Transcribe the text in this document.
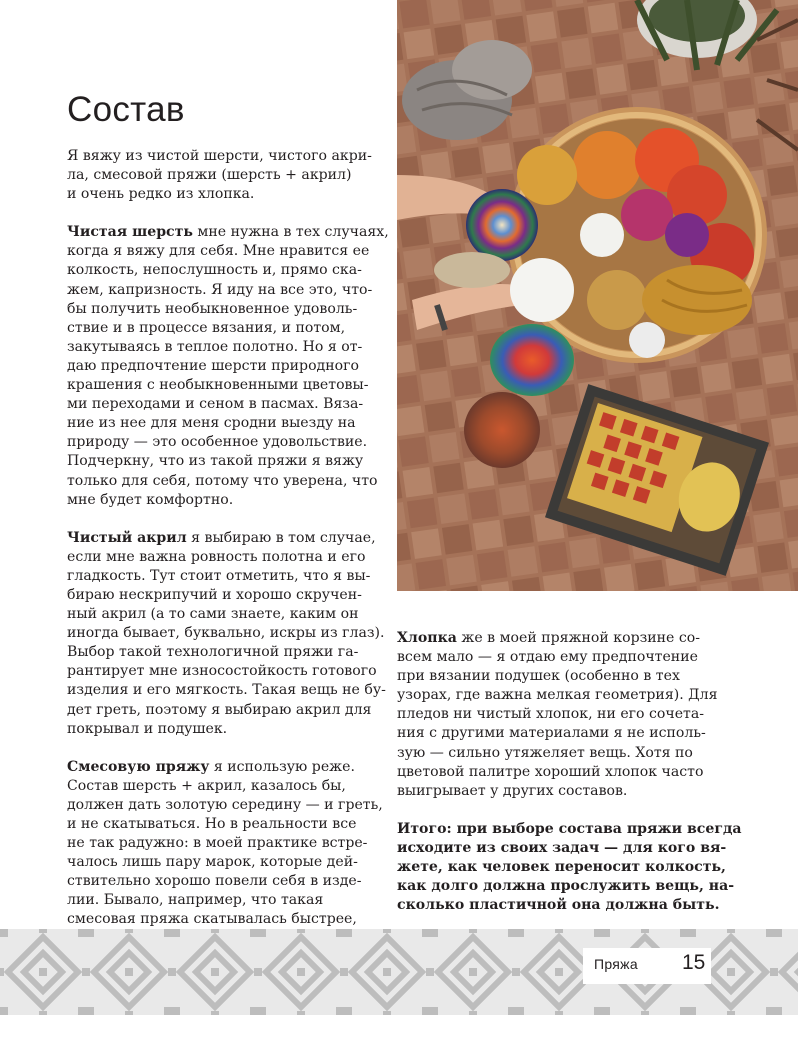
Состав

Я вяжу из чистой шерсти, чистого акри-
ла, смесовой пряжи (шерсть + акрил)
и очень редко из хлопка.

Чистая шерсть мне нужна в тех случаях,
когда я вяжу для себя. Мне нравится ее
колкость, непослушность и, прямо ска-
жем, капризность. Я иду на все это, что-
бы получить необыкновенное удоволь-
ствие и в процессе вязания, и потом,
закутываясь в теплое полотно. Но я от-
даю предпочтение шерсти природного
крашения с необыкновенными цветовы-
ми переходами и сеном в пасмах. Вяза-
ние из нее для меня сродни выезду на
природу — это особенное удовольствие.
Подчеркну, что из такой пряжи я вяжу
только для себя, потому что уверена, что
мне будет комфортно.

Чистый акрил я выбираю в том случае,
если мне важна ровность полотна и его
гладкость. Тут стоит отметить, что я вы-
бираю нескрипучий и хорошо скручен-
ный акрил (а то сами знаете, каким он
иногда бывает, буквально, искры из глаз).
Выбор такой технологичной пряжи га-
рантирует мне износостойкость готового
изделия и его мягкость. Такая вещь не бу-
дет греть, поэтому я выбираю акрил для
покрывал и подушек.

Смесовую пряжу я использую реже.
Состав шерсть + акрил, казалось бы,
должен дать золотую середину — и греть,
и не скатываться. Но в реальности все
не так радужно: в моей практике встре-
чалось лишь пару марок, которые дей-
ствительно хорошо повели себя в изде-
лии. Бывало, например, что такая
смесовая пряжа скатывалась быстрее,

Хлопка же в моей пряжной корзине со-
всем мало — я отдаю ему предпочтение
при вязании подушек (особенно в тех
узорах, где важна мелкая геометрия). Для
пледов ни чистый хлопок, ни его сочета-
ния с другими материалами я не исполь-
зую — сильно утяжеляет вещь. Хотя по
цветовой палитре хороший хлопок часто
выигрывает у других составов.

Итого: при выборе состава пряжи всегда
исходите из своих задач — для кого вя-
жете, как человек переносит колкость,
как долго должна прослужить вещь, на-
сколько пластичной она должна быть.

Пряжа 15
